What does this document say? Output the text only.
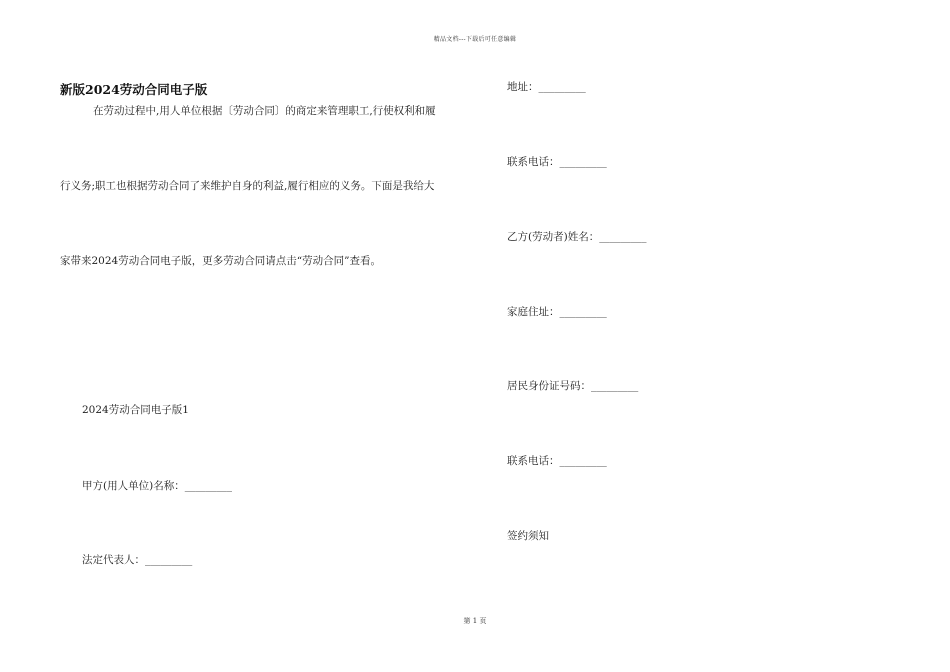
精品文档---下载后可任意编辑
新版2024劳动合同电子版
在劳动过程中,用人单位根据〔劳动合同〕的商定来管理职工,行使权利和履
行义务;职工也根据劳动合同了来维护自身的利益,履行相应的义务。下面是我给大
家带来2024劳动合同电子版，更多劳动合同请点击“劳动合同”查看。
2024劳动合同电子版1
甲方(用人单位)名称：_________
法定代表人：_________
地址：_________
联系电话：_________
乙方(劳动者)姓名：_________
家庭住址：_________
居民身份证号码：_________
联系电话：_________
签约须知
第 1 页
